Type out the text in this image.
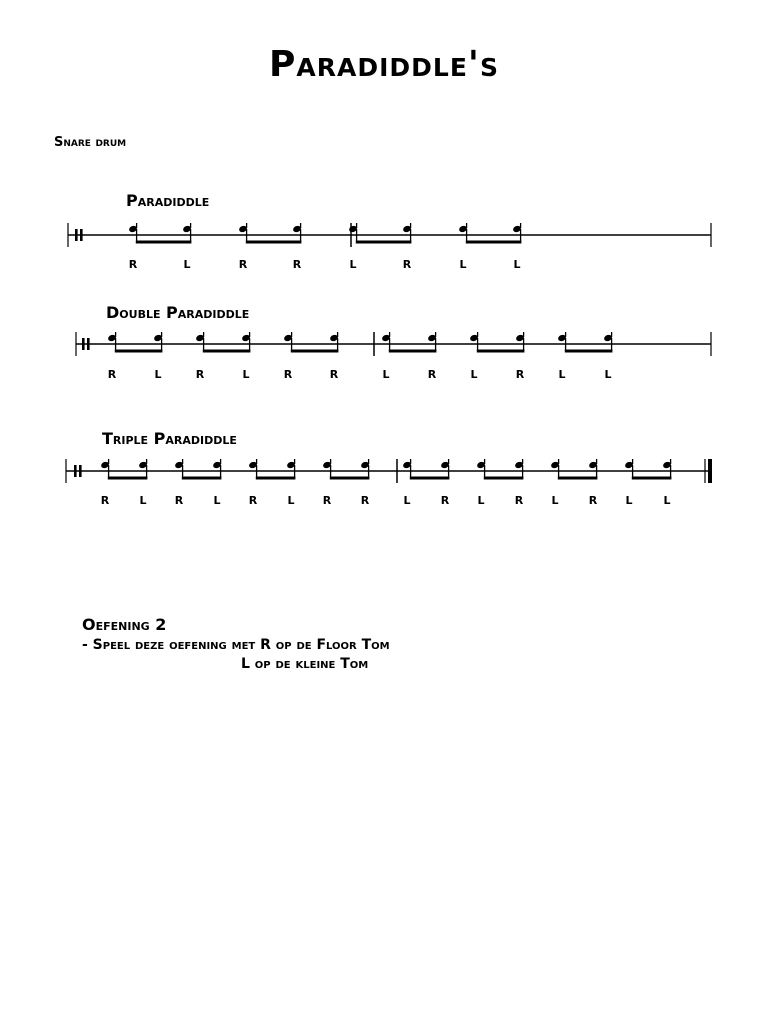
Paradiddle's
Snare drum
Paradiddle
Double Paradiddle
Triple Paradiddle
R	L	R	R	L	R	L	L
R	L	R	L	R	R	L	R	L	R	L	L
R	L	R	L	R	L	R	R	L	R	L	R	L	R	L	L
Oefening 2
- Speel deze oefening met R op de Floor Tom
L op de kleine Tom
